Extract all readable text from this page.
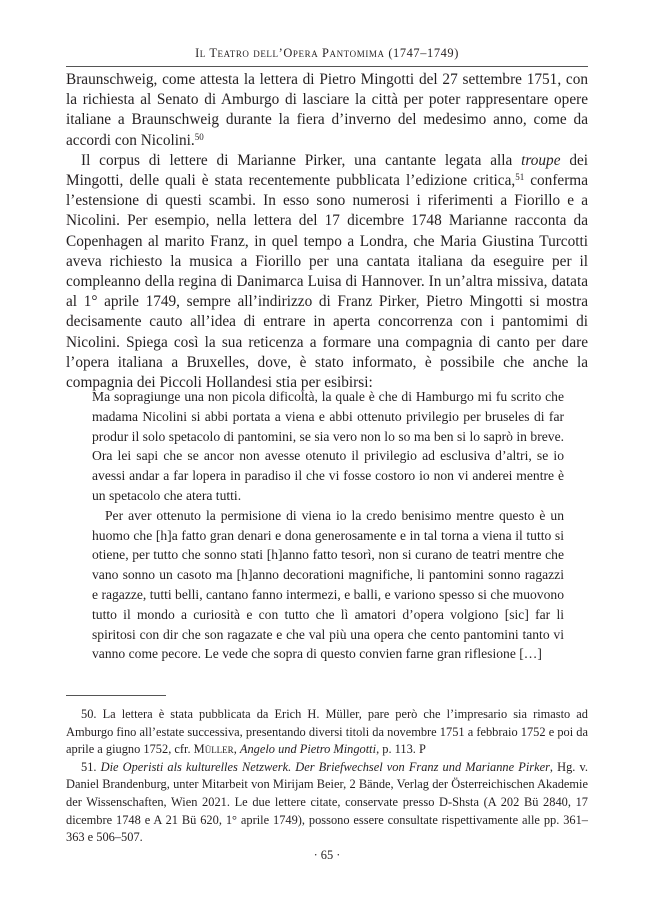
Il Teatro dell’Opera Pantomima (1747–1749)

Braunschweig, come attesta la lettera di Pietro Mingotti del 27 settembre 1751, con la richiesta al Senato di Amburgo di lasciare la città per poter rappresentare opere italiane a Braunschweig durante la fiera d’inverno del medesimo anno, come da accordi con Nicolini.$^{50}$

Il corpus di lettere di Marianne Pirker, una cantante legata alla troupe dei Mingotti, delle quali è stata recentemente pubblicata l’edizione critica,$^{51}$ conferma l’estensione di questi scambi. In esso sono numerosi i riferimenti a Fiorillo e a Nicolini. Per esempio, nella lettera del 17 dicembre 1748 Marianne racconta da Copenhagen al marito Franz, in quel tempo a Londra, che Maria Giustina Turcotti aveva richiesto la musica a Fiorillo per una cantata italiana da eseguire per il compleanno della regina di Danimarca Luisa di Hannover. In un’altra missiva, datata al 1° aprile 1749, sempre all’indirizzo di Franz Pirker, Pietro Mingotti si mostra decisamente cauto all’idea di entrare in aperta concorrenza con i pantomimi di Nicolini. Spiega così la sua reticenza a formare una compagnia di canto per dare l’opera italiana a Bruxelles, dove, è stato informato, è possibile che anche la compagnia dei Piccoli Hollandesi stia per esibirsi:

Ma sopragiunge una non picola dificoltà, la quale è che di Hamburgo mi fu scrito che madama Nicolini si abbi portata a viena e abbi ottenuto privilegio per bruseles di far produr il solo spetacolo di pantomini, se sia vero non lo so ma ben si lo saprò in breve. Ora lei sapi che se ancor non avesse otenuto il privilegio ad esclusiva d’altri, se io avessi andar a far lopera in paradiso il che vi fosse costoro io non vi anderei mentre è un spetacolo che atera tutti.

Per aver ottenuto la permisione di viena io la credo benisimo mentre questo è un huomo che [h]a fatto gran denari e dona generosamente e in tal torna a viena il tutto si otiene, per tutto che sonno stati [h]anno fatto tesorì, non si curano de teatri mentre che vano sonno un casoto ma [h]anno decorationi magnifiche, li pantomini sonno ragazzi e ragazze, tutti belli, cantano fanno intermezi, e balli, e variono spesso si che muovono tutto il mondo a curiosità e con tutto che lì amatori d’opera volgiono [sic] far li spiritosi con dir che son ragazate e che val più una opera che cento pantomini tanto vi vanno come pecore. Le vede che sopra di questo convien farne gran riflesione […]

50. La lettera è stata pubblicata da Erich H. Müller, pare però che l’impresario sia rimasto ad Amburgo fino all’estate successiva, presentando diversi titoli da novembre 1751 a febbraio 1752 e poi da aprile a giugno 1752, cfr. Müller, Angelo und Pietro Mingotti, p. 113. P

51. Die Operisti als kulturelles Netzwerk. Der Briefwechsel von Franz und Marianne Pirker, Hg. v. Daniel Brandenburg, unter Mitarbeit von Mirijam Beier, 2 Bände, Verlag der Österreichischen Akademie der Wissenschaften, Wien 2021. Le due lettere citate, conservate presso D-Shsta (A 202 Bü 2840, 17 dicembre 1748 e A 21 Bü 620, 1° aprile 1749), possono essere consultate rispettivamente alle pp. 361–363 e 506–507.

· 65 ·
